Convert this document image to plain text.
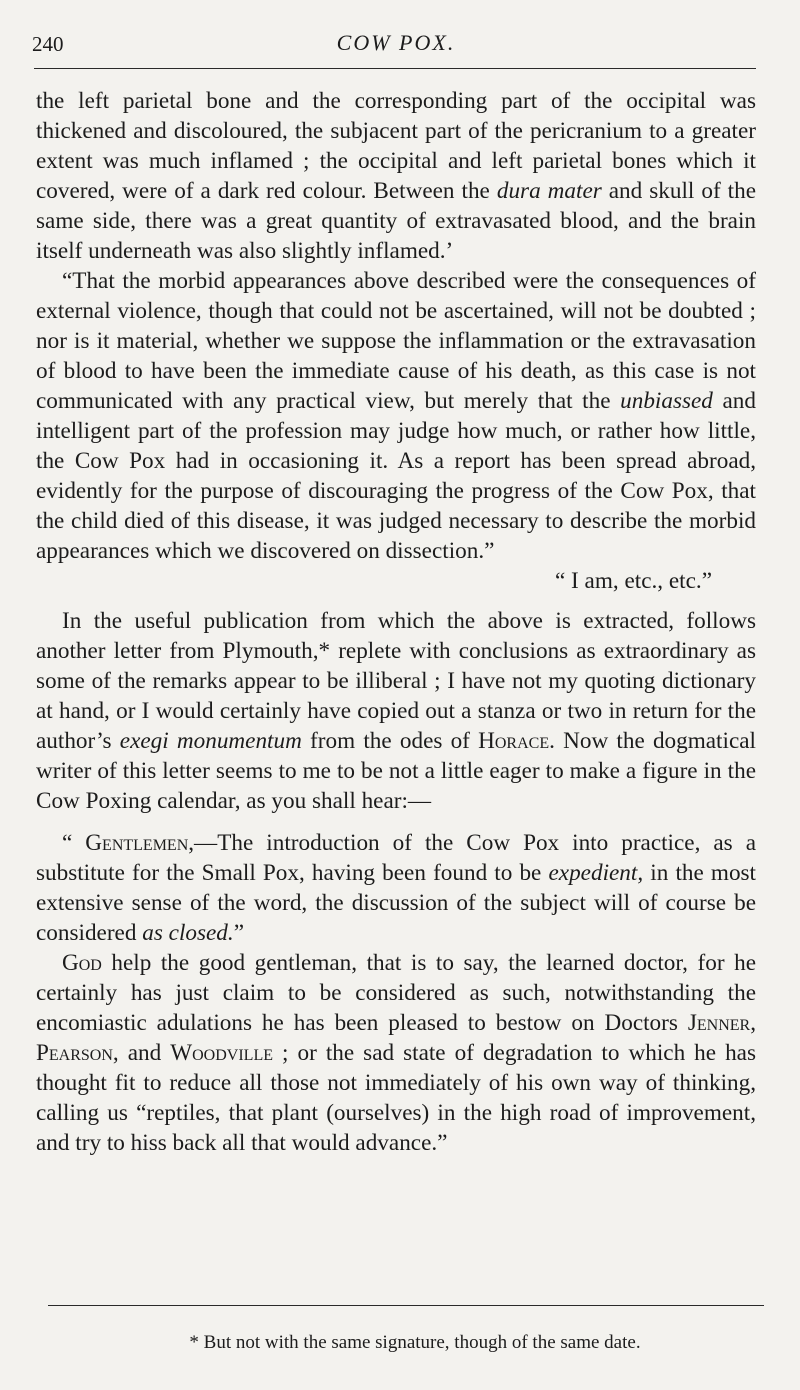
240	COW POX.

the left parietal bone and the corresponding part of the occipital was thickened and discoloured, the subjacent part of the pericranium to a greater extent was much inflamed ; the occipital and left parietal bones which it covered, were of a dark red colour. Between the dura mater and skull of the same side, there was a great quantity of extravasated blood, and the brain itself underneath was also slightly inflamed.’

“That the morbid appearances above described were the consequences of external violence, though that could not be ascertained, will not be doubted ; nor is it material, whether we suppose the inflammation or the extravasation of blood to have been the immediate cause of his death, as this case is not communicated with any practical view, but merely that the unbiassed and intelligent part of the profession may judge how much, or rather how little, the Cow Pox had in occasioning it. As a report has been spread abroad, evidently for the purpose of discouraging the progress of the Cow Pox, that the child died of this disease, it was judged necessary to describe the morbid appearances which we discovered on dissection.”

“ I am, etc., etc.”

In the useful publication from which the above is extracted, follows another letter from Plymouth,* replete with conclusions as extraordinary as some of the remarks appear to be illiberal ; I have not my quoting dictionary at hand, or I would certainly have copied out a stanza or two in return for the author’s exegi monumentum from the odes of Horace. Now the dogmatical writer of this letter seems to me to be not a little eager to make a figure in the Cow Poxing calendar, as you shall hear:—

“ Gentlemen,—The introduction of the Cow Pox into practice, as a substitute for the Small Pox, having been found to be expedient, in the most extensive sense of the word, the discussion of the subject will of course be considered as closed.”

God help the good gentleman, that is to say, the learned doctor, for he certainly has just claim to be considered as such, notwithstanding the encomiastic adulations he has been pleased to bestow on Doctors Jenner, Pearson, and Woodville ; or the sad state of degradation to which he has thought fit to reduce all those not immediately of his own way of thinking, calling us “reptiles, that plant (ourselves) in the high road of improvement, and try to hiss back all that would advance.”

* But not with the same signature, though of the same date.
